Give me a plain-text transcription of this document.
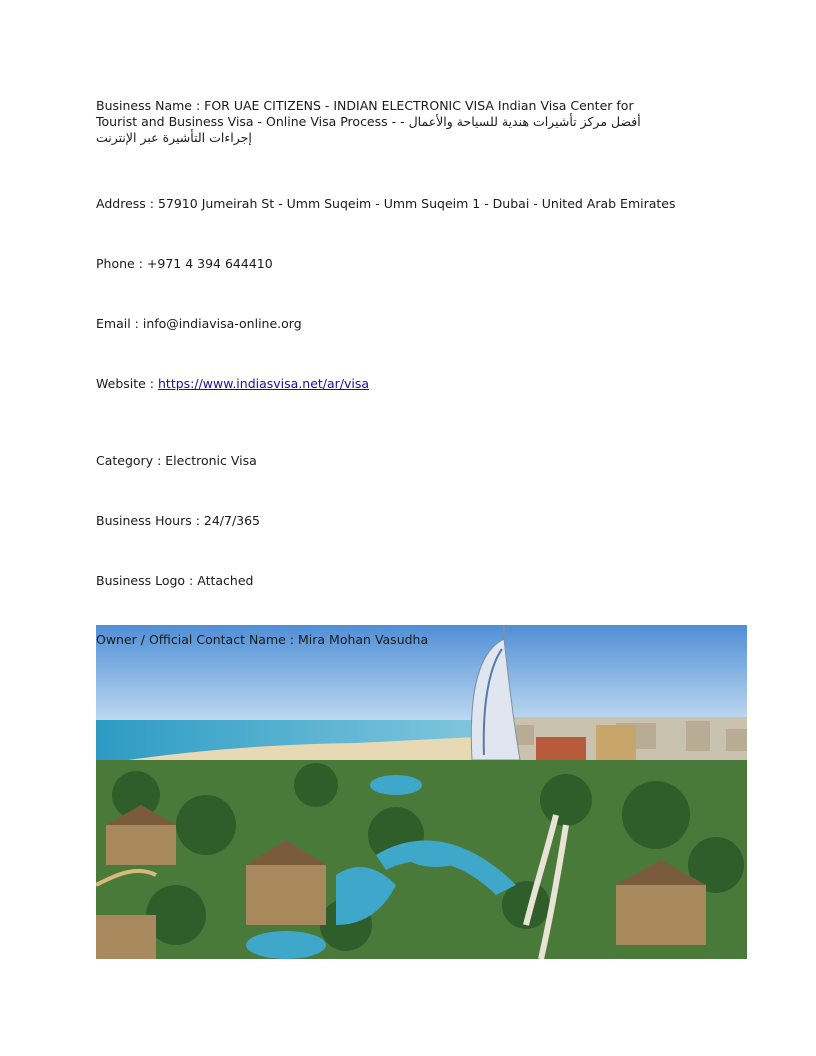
Business Name : FOR UAE CITIZENS - INDIAN ELECTRONIC VISA Indian Visa Center for Tourist and Business Visa - Online Visa Process - أفضل مركز تأشيرات هندية للسياحة والأعمال - إجراءات التأشيرة عبر الإنترنت
Address : 57910 Jumeirah St - Umm Suqeim - Umm Suqeim 1 - Dubai - United Arab Emirates
Phone : +971 4 394 644410
Email : info@indiavisa-online.org
Website : https://www.indiasvisa.net/ar/visa
Category : Electronic Visa
Business Hours : 24/7/365
Business Logo : Attached
Owner / Official Contact Name : Mira Mohan Vasudha
